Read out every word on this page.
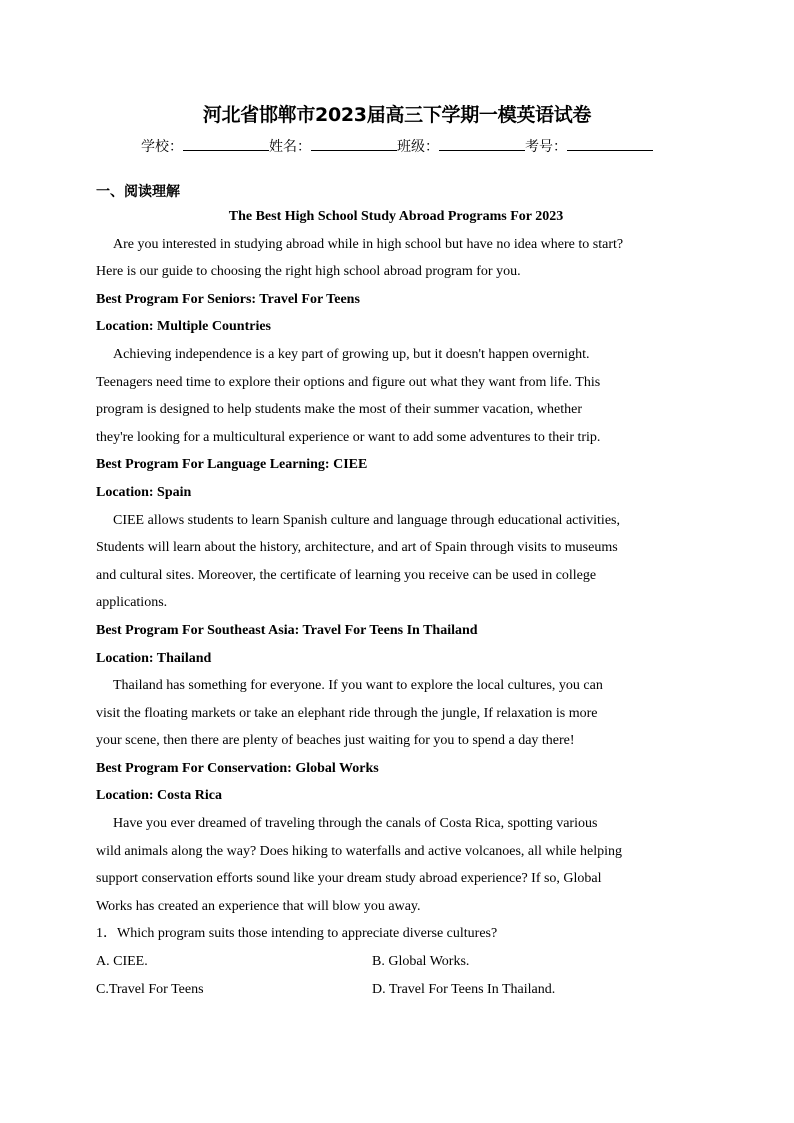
河北省邯郸市2023届高三下学期一模英语试卷
学校：	姓名：	班级：	考号：
一、阅读理解
The Best High School Study Abroad Programs For 2023
Are you interested in studying abroad while in high school but have no idea where to start?
Here is our guide to choosing the right high school abroad program for you.
Best Program For Seniors: Travel For Teens
Location: Multiple Countries
Achieving independence is a key part of growing up, but it doesn't happen overnight.
Teenagers need time to explore their options and figure out what they want from life. This
program is designed to help students make the most of their summer vacation, whether
they're looking for a multicultural experience or want to add some adventures to their trip.
Best Program For Language Learning: CIEE
Location: Spain
CIEE allows students to learn Spanish culture and language through educational activities,
Students will learn about the history, architecture, and art of Spain through visits to museums
and cultural sites. Moreover, the certificate of learning you receive can be used in college
applications.
Best Program For Southeast Asia: Travel For Teens In Thailand
Location: Thailand
Thailand has something for everyone. If you want to explore the local cultures, you can
visit the floating markets or take an elephant ride through the jungle, If relaxation is more
your scene, then there are plenty of beaches just waiting for you to spend a day there!
Best Program For Conservation: Global Works
Location: Costa Rica
Have you ever dreamed of traveling through the canals of Costa Rica, spotting various
wild animals along the way? Does hiking to waterfalls and active volcanoes, all while helping
support conservation efforts sound like your dream study abroad experience? If so, Global
Works has created an experience that will blow you away.
1．Which program suits those intending to appreciate diverse cultures?
A. CIEE.	B. Global Works.
C.Travel For Teens	D. Travel For Teens In Thailand.
